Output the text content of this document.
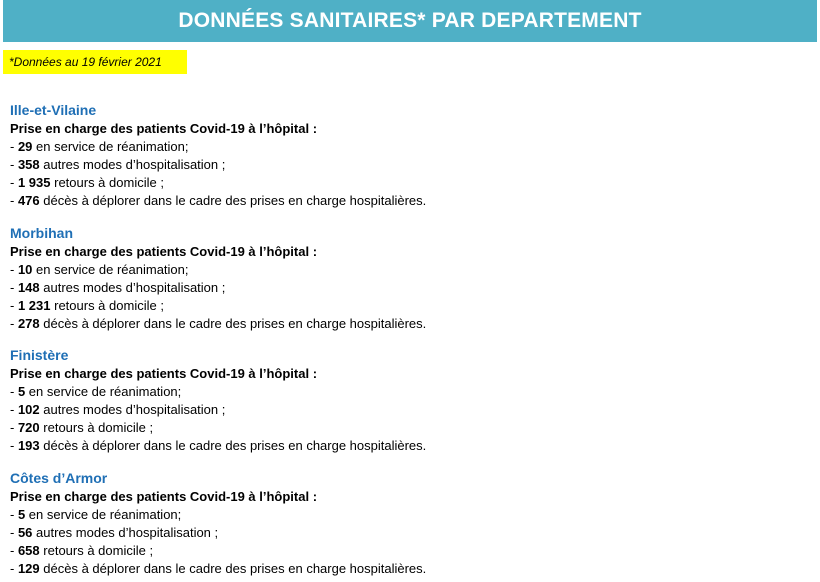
DONNÉES SANITAIRES* PAR DEPARTEMENT
*Données au 19 février 2021
Ille-et-Vilaine
Prise en charge des patients Covid-19 à l’hôpital :
- 29 en service de réanimation;
- 358 autres modes d’hospitalisation ;
- 1 935 retours à domicile ;
- 476 décès à déplorer dans le cadre des prises en charge hospitalières.
Morbihan
Prise en charge des patients Covid-19 à l’hôpital :
- 10 en service de réanimation;
- 148 autres modes d’hospitalisation ;
- 1 231 retours à domicile ;
- 278 décès à déplorer dans le cadre des prises en charge hospitalières.
Finistère
Prise en charge des patients Covid-19 à l’hôpital :
- 5 en service de réanimation;
- 102 autres modes d’hospitalisation ;
- 720 retours à domicile ;
- 193 décès à déplorer dans le cadre des prises en charge hospitalières.
Côtes d’Armor
Prise en charge des patients Covid-19 à l’hôpital :
- 5 en service de réanimation;
- 56 autres modes d’hospitalisation ;
- 658 retours à domicile ;
- 129 décès à déplorer dans le cadre des prises en charge hospitalières.
